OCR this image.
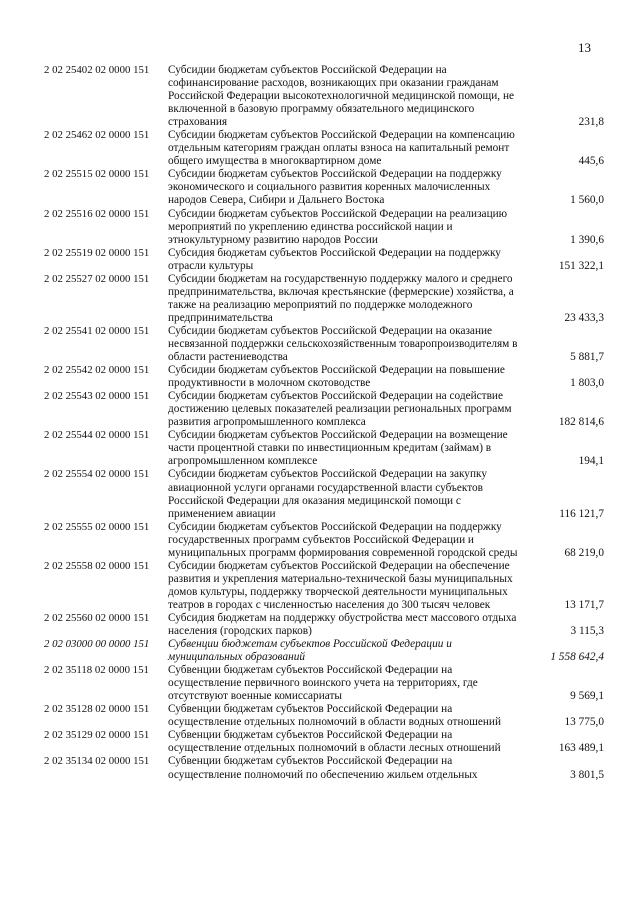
13
2 02 25402 02 0000 151	Субсидии бюджетам субъектов Российской Федерации на софинансирование расходов, возникающих при оказании гражданам Российской Федерации высокотехнологичной медицинской помощи, не включенной в базовую программу обязательного медицинского страхования	231,8
2 02 25462 02 0000 151	Субсидии бюджетам субъектов Российской Федерации на компенсацию отдельным категориям граждан оплаты взноса на капитальный ремонт общего имущества в многоквартирном доме	445,6
2 02 25515 02 0000 151	Субсидии бюджетам субъектов Российской Федерации на поддержку экономического и социального развития коренных малочисленных народов Севера, Сибири и Дальнего Востока	1 560,0
2 02 25516 02 0000 151	Субсидии бюджетам субъектов Российской Федерации на реализацию мероприятий по укреплению единства российской нации и этнокультурному развитию народов России	1 390,6
2 02 25519 02 0000 151	Субсидия бюджетам субъектов Российской Федерации на поддержку отрасли культуры	151 322,1
2 02 25527 02 0000 151	Субсидии бюджетам на государственную поддержку малого и среднего предпринимательства, включая крестьянские (фермерские) хозяйства, а также на реализацию мероприятий по поддержке молодежного предпринимательства	23 433,3
2 02 25541 02 0000 151	Субсидии бюджетам субъектов Российской Федерации на оказание несвязанной поддержки сельскохозяйственным товаропроизводителям в области растениеводства	5 881,7
2 02 25542 02 0000 151	Субсидии бюджетам субъектов Российской Федерации на повышение продуктивности в молочном скотоводстве	1 803,0
2 02 25543 02 0000 151	Субсидии бюджетам субъектов Российской Федерации на содействие достижению целевых показателей реализации региональных программ развития агропромышленного комплекса	182 814,6
2 02 25544 02 0000 151	Субсидии бюджетам субъектов Российской Федерации на возмещение части процентной ставки по инвестиционным кредитам (займам) в агропромышленном комплексе	194,1
2 02 25554 02 0000 151	Субсидии бюджетам субъектов Российской Федерации на закупку авиационной услуги органами государственной власти субъектов Российской Федерации для оказания медицинской помощи с применением авиации	116 121,7
2 02 25555 02 0000 151	Субсидии бюджетам субъектов Российской Федерации на поддержку государственных программ субъектов Российской Федерации и муниципальных программ формирования современной городской среды	68 219,0
2 02 25558 02 0000 151	Субсидии бюджетам субъектов Российской Федерации на обеспечение развития и укрепления материально-технической базы муниципальных домов культуры, поддержку творческой деятельности муниципальных театров в городах с численностью населения до 300 тысяч человек	13 171,7
2 02 25560 02 0000 151	Субсидия бюджетам на поддержку обустройства мест массового отдыха населения (городских парков)	3 115,3
2 02 03000 00 0000 151	Субвенции бюджетам субъектов Российской Федерации и муниципальных образований	1 558 642,4
2 02 35118 02 0000 151	Субвенции бюджетам субъектов Российской Федерации на осуществление первичного воинского учета на территориях, где отсутствуют военные комиссариаты	9 569,1
2 02 35128 02 0000 151	Субвенции бюджетам субъектов Российской Федерации на осуществление отдельных полномочий в области водных отношений	13 775,0
2 02 35129 02 0000 151	Субвенции бюджетам субъектов Российской Федерации на осуществление отдельных полномочий в области лесных отношений	163 489,1
2 02 35134 02 0000 151	Субвенции бюджетам субъектов Российской Федерации на осуществление полномочий по обеспечению жильем отдельных	3 801,5
